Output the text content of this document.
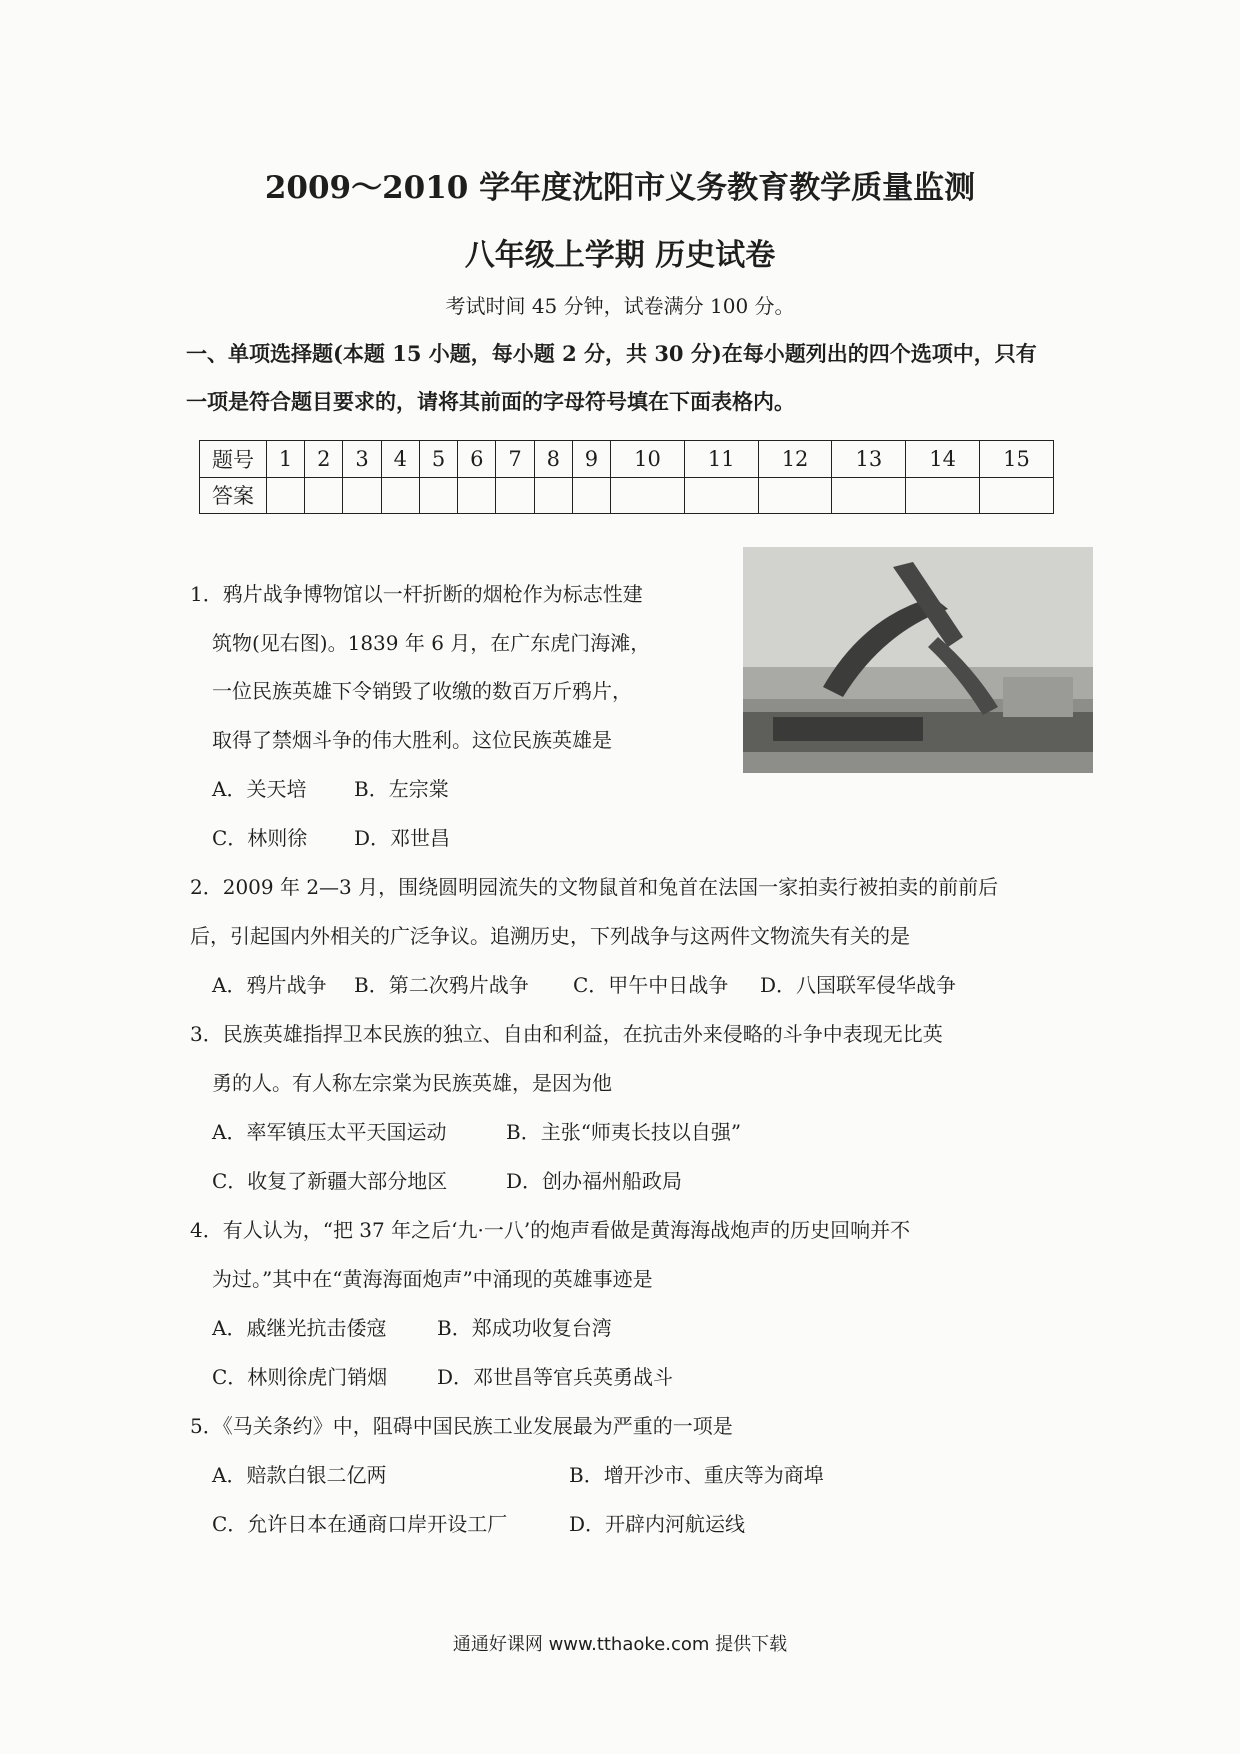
2009～2010 学年度沈阳市义务教育教学质量监测
八年级上学期 历史试卷
考试时间 45 分钟，试卷满分 100 分。
一、单项选择题(本题 15 小题，每小题 2 分，共 30 分)在每小题列出的四个选项中，只有
一项是符合题目要求的，请将其前面的字母符号填在下面表格内。
题号	1	2	3	4	5	6	7	8	9	10	11	12	13	14	15
答案															
1．鸦片战争博物馆以一杆折断的烟枪作为标志性建
筑物(见右图)。1839 年 6 月，在广东虎门海滩，
一位民族英雄下令销毁了收缴的数百万斤鸦片，
取得了禁烟斗争的伟大胜利。这位民族英雄是
A．关天培 B．左宗棠
C．林则徐 D．邓世昌
2．2009 年 2—3 月，围绕圆明园流失的文物鼠首和兔首在法国一家拍卖行被拍卖的前前后
后，引起国内外相关的广泛争议。追溯历史，下列战争与这两件文物流失有关的是
A．鸦片战争 B．第二次鸦片战争 C．甲午中日战争 D．八国联军侵华战争
3．民族英雄指捍卫本民族的独立、自由和利益，在抗击外来侵略的斗争中表现无比英
勇的人。有人称左宗棠为民族英雄，是因为他
A．率军镇压太平天国运动	B．主张“师夷长技以自强”
C．收复了新疆大部分地区	D．创办福州船政局
4．有人认为，“把 37 年之后‘九·一八’的炮声看做是黄海海战炮声的历史回响并不
为过。”其中在“黄海海面炮声”中涌现的英雄事迹是
A．戚继光抗击倭寇	B．郑成功收复台湾
C．林则徐虎门销烟 D．邓世昌等官兵英勇战斗
5．《马关条约》中，阻碍中国民族工业发展最为严重的一项是
A．赔款白银二亿两	B．增开沙市、重庆等为商埠
C．允许日本在通商口岸开设工厂	D．开辟内河航运线
通通好课网 www.tthaoke.com 提供下载
